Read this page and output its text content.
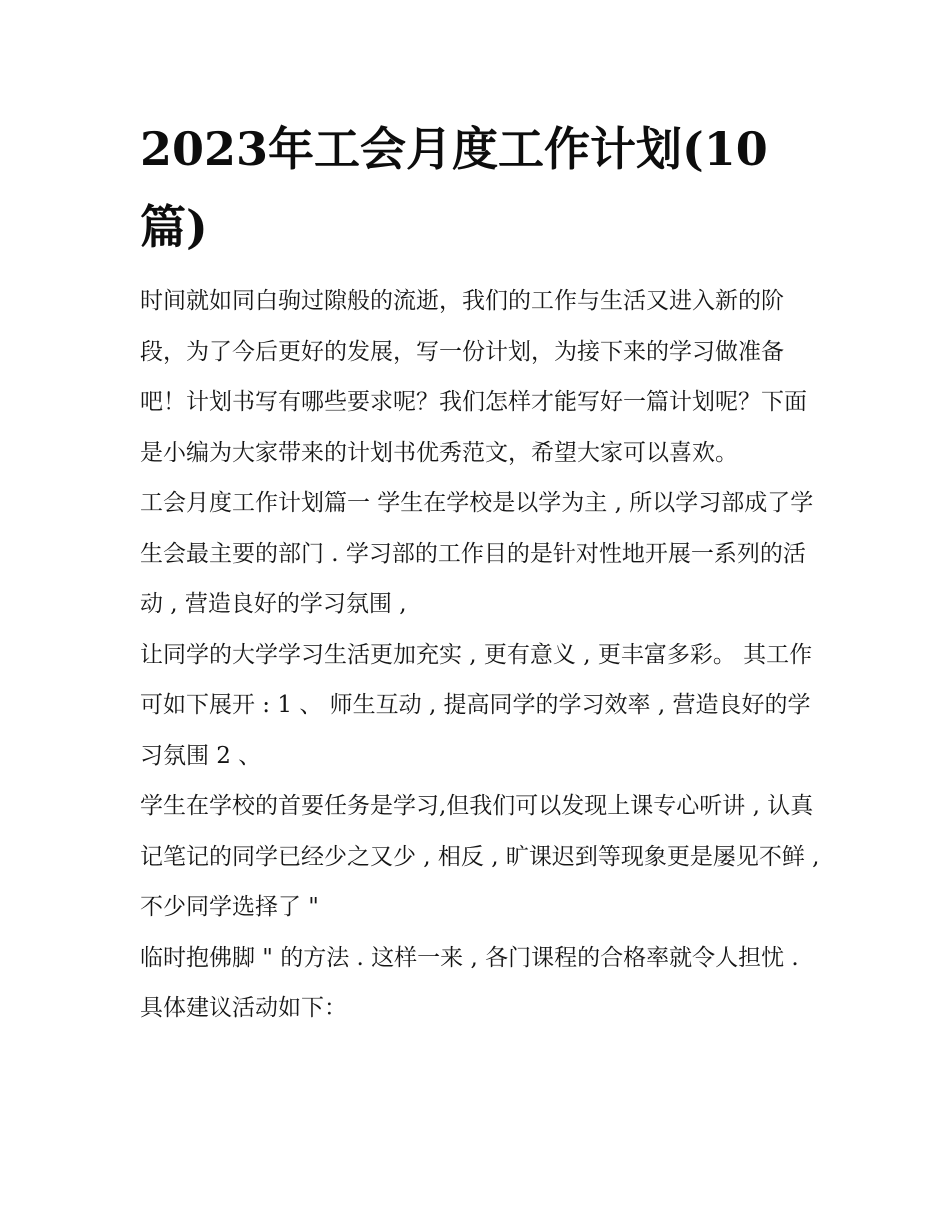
2023年工会月度工作计划(10篇)

时间就如同白驹过隙般的流逝，我们的工作与生活又进入新的阶段，为了今后更好的发展，写一份计划，为接下来的学习做准备吧！计划书写有哪些要求呢？我们怎样才能写好一篇计划呢？下面是小编为大家带来的计划书优秀范文，希望大家可以喜欢。

工会月度工作计划篇一 学生在学校是以学为主 , 所以学习部成了学生会最主要的部门 . 学习部的工作目的是针对性地开展一系列的活动 , 营造良好的学习氛围 ,

让同学的大学学习生活更加充实 , 更有意义 , 更丰富多彩。 其工作可如下展开 : 1 、 师生互动 , 提高同学的学习效率 , 营造良好的学习氛围 2 、

学生在学校的首要任务是学习,但我们可以发现上课专心听讲 , 认真记笔记的同学已经少之又少 , 相反 , 旷课迟到等现象更是屡见不鲜 , 不少同学选择了 "

临时抱佛脚 " 的方法 . 这样一来 , 各门课程的合格率就令人担忧 . 具体建议活动如下：
